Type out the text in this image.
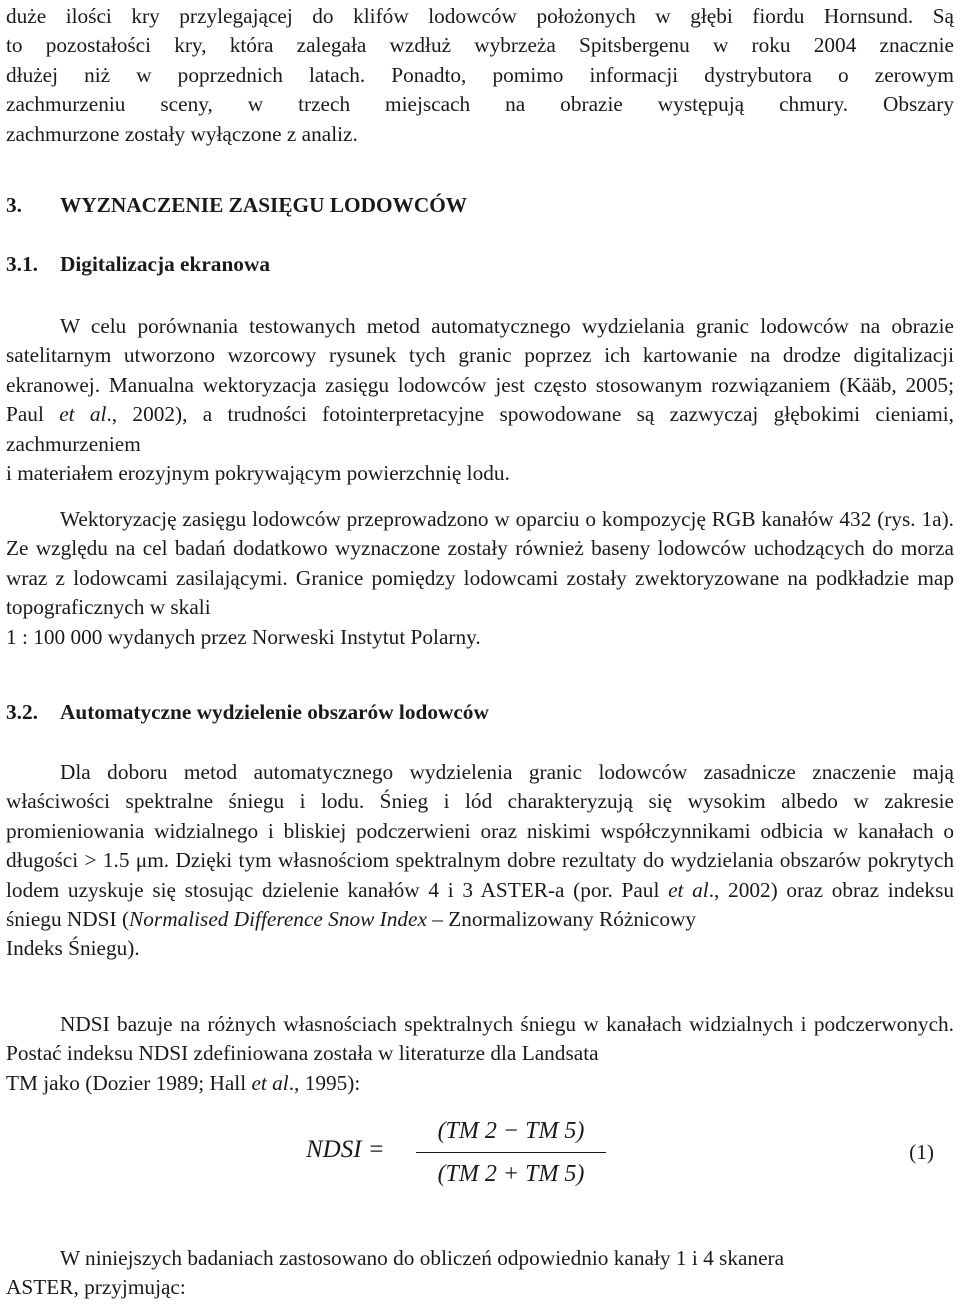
duże ilości kry przylegającej do klifów lodowców położonych w głębi fiordu Hornsund. Są
to pozostałości kry, która zalegała wzdłuż wybrzeża Spitsbergenu w roku 2004 znacznie
dłużej niż w poprzednich latach. Ponadto, pomimo informacji dystrybutora o zerowym
zachmurzeniu sceny, w trzech miejscach na obrazie występują chmury. Obszary
zachmurzone zostały wyłączone z analiz.

3. WYZNACZENIE ZASIĘGU LODOWCÓW
3.1. Digitalizacja ekranowa

W celu porównania testowanych metod automatycznego wydzielania granic lodowców na obrazie satelitarnym utworzono wzorcowy rysunek tych granic poprzez ich kartowanie na drodze digitalizacji ekranowej. Manualna wektoryzacja zasięgu lodowców jest często stosowanym rozwiązaniem (Kääb, 2005; Paul et al., 2002), a trudności fotointerpretacyjne spowodowane są zazwyczaj głębokimi cieniami, zachmurzeniem

i materiałem erozyjnym pokrywającym powierzchnię lodu.

Wektoryzację zasięgu lodowców przeprowadzono w oparciu o kompozycję RGB kanałów 432 (rys. 1a). Ze względu na cel badań dodatkowo wyznaczone zostały również baseny lodowców uchodzących do morza wraz z lodowcami zasilającymi. Granice pomiędzy lodowcami zostały zwektoryzowane na podkładzie map topograficznych w skali

1 : 100 000 wydanych przez Norweski Instytut Polarny.

3.2. Automatyczne wydzielenie obszarów lodowców

Dla doboru metod automatycznego wydzielenia granic lodowców zasadnicze znaczenie mają właściwości spektralne śniegu i lodu. Śnieg i lód charakteryzują się wysokim albedo w zakresie promieniowania widzialnego i bliskiej podczerwieni oraz niskimi współczynnikami odbicia w kanałach o długości > 1.5 μm. Dzięki tym własnościom spektralnym dobre rezultaty do wydzielania obszarów pokrytych lodem uzyskuje się stosując dzielenie kanałów 4 i 3 ASTER-a (por. Paul et al., 2002) oraz obraz indeksu śniegu NDSI (Normalised Difference Snow Index – Znormalizowany Różnicowy

Indeks Śniegu).

NDSI bazuje na różnych własnościach spektralnych śniegu w kanałach widzialnych i podczerwonych. Postać indeksu NDSI zdefiniowana została w literaturze dla Landsata

TM jako (Dozier 1989; Hall et al., 1995):

NDSI =
(TM 2 − TM 5)
(TM 2 + TM 5)
(1)

W niniejszych badaniach zastosowano do obliczeń odpowiednio kanały 1 i 4 skanera

ASTER, przyjmując:
